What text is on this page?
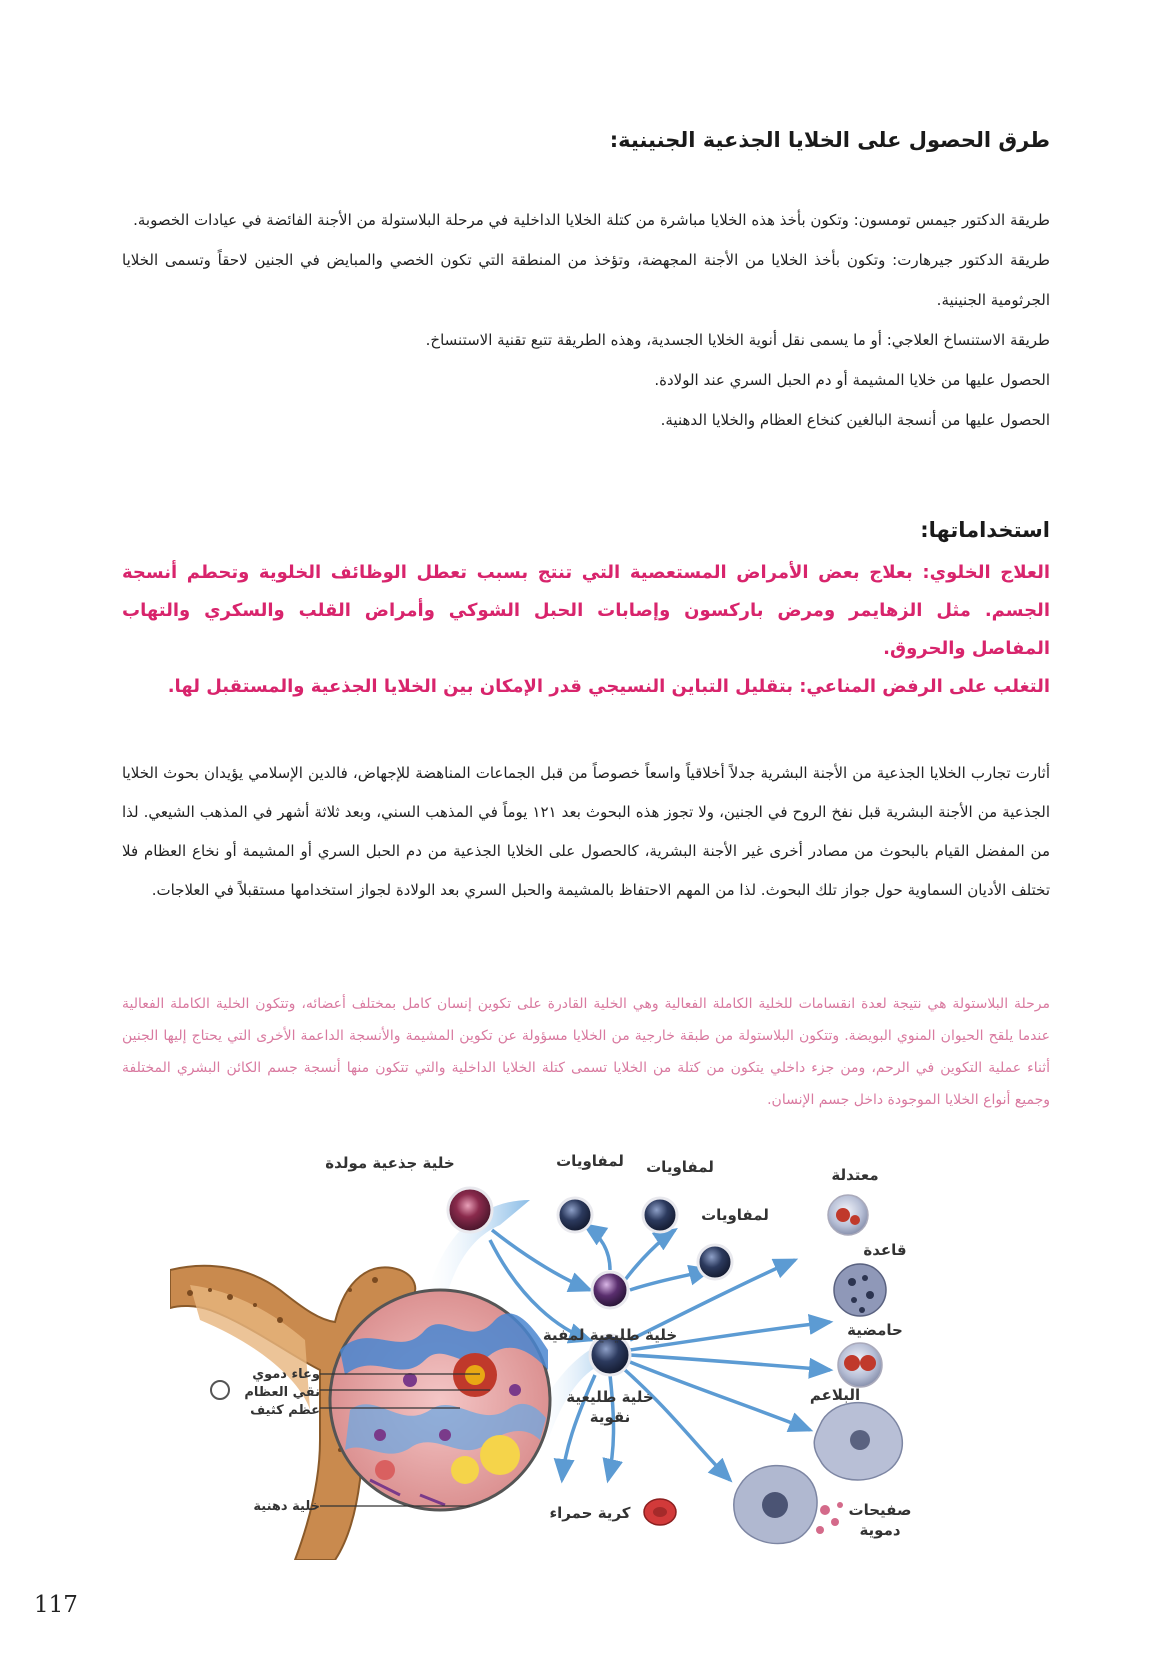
طرق الحصول على الخلايا الجذعية الجنينية:

طريقة الدكتور جيمس تومسون: وتكون بأخذ هذه الخلايا مباشرة من كتلة الخلايا الداخلية في مرحلة البلاستولة من الأجنة الفائضة في عيادات الخصوبة.

طريقة الدكتور جيرهارت: وتكون بأخذ الخلايا من الأجنة المجهضة، وتؤخذ من المنطقة التي تكون الخصي والمبايض في الجنين لاحقاً وتسمى الخلايا الجرثومية الجنينية.

طريقة الاستنساخ العلاجي: أو ما يسمى نقل أنوية الخلايا الجسدية، وهذه الطريقة تتبع تقنية الاستنساخ.

الحصول عليها من خلايا المشيمة أو دم الحبل السري عند الولادة.

الحصول عليها من أنسجة البالغين كنخاع العظام والخلايا الدهنية.

استخداماتها:

العلاج الخلوي: بعلاج بعض الأمراض المستعصية التي تنتج بسبب تعطل الوظائف الخلوية وتحطم أنسجة الجسم. مثل الزهايمر ومرض باركسون وإصابات الحبل الشوكي وأمراض القلب والسكري والتهاب المفاصل والحروق.

التغلب على الرفض المناعي: بتقليل التباين النسيجي قدر الإمكان بين الخلايا الجذعية والمستقبل لها.

أثارت تجارب الخلايا الجذعية من الأجنة البشرية جدلاً أخلاقياً واسعاً خصوصاً من قبل الجماعات المناهضة للإجهاض، فالدين الإسلامي يؤيدان بحوث الخلايا الجذعية من الأجنة البشرية قبل نفخ الروح في الجنين، ولا تجوز هذه البحوث بعد ١٢١ يوماً في المذهب السني، وبعد ثلاثة أشهر في المذهب الشيعي. لذا من المفضل القيام بالبحوث من مصادر أخرى غير الأجنة البشرية، كالحصول على الخلايا الجذعية من دم الحبل السري أو المشيمة أو نخاع العظام فلا تختلف الأديان السماوية حول جواز تلك البحوث. لذا من المهم الاحتفاظ بالمشيمة والحبل السري بعد الولادة لجواز استخدامها مستقبلاً في العلاجات.
مرحلة البلاستولة هي نتيجة لعدة انقسامات للخلية الكاملة الفعالية وهي الخلية القادرة على تكوين إنسان كامل بمختلف أعضائه، وتتكون الخلية الكاملة الفعالية عندما يلقح الحيوان المنوي البويضة. وتتكون البلاستولة من طبقة خارجية من الخلايا مسؤولة عن تكوين المشيمة والأنسجة الداعمة الأخرى التي يحتاج إليها الجنين أثناء عملية التكوين في الرحم، ومن جزء داخلي يتكون من كتلة من الخلايا تسمى كتلة الخلايا الداخلية والتي تتكون منها أنسجة جسم الكائن البشري المختلفة وجميع أنواع الخلايا الموجودة داخل جسم الإنسان.
خلية جذعية مولدة	لمفاويات لمفاويات
لمفاويات
خلية طليعية لمفية
خلية طليعية
نقوية
كرية حمراء
معتدلة
قاعدة
حامضية
البلاعم
صفيحات
دموية
وعاء دموي
نقي العظام
عظم كثيف
خلية دهنية
117
